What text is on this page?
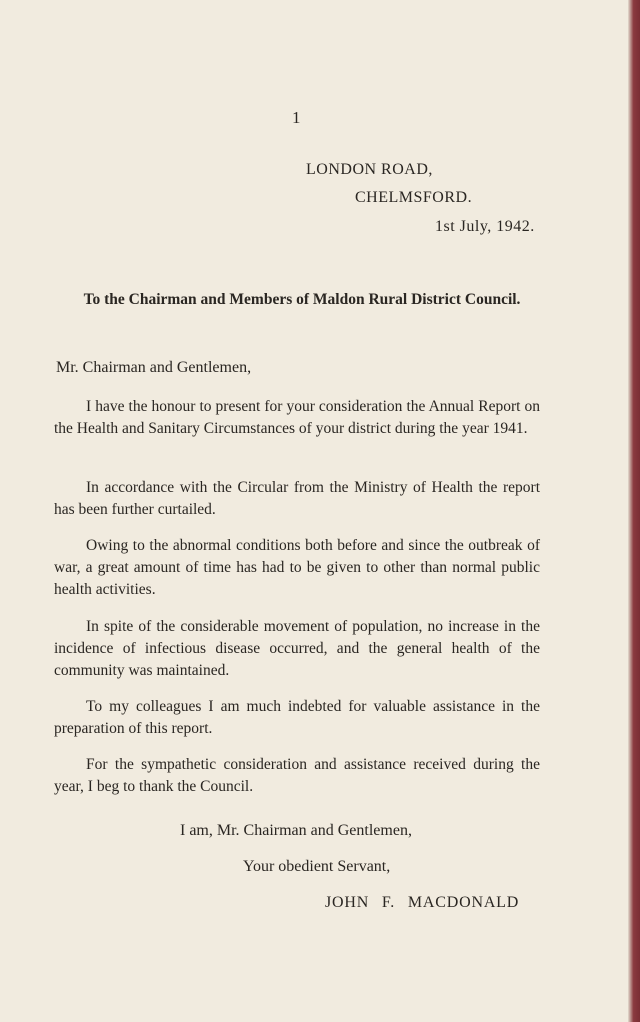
1
LONDON ROAD,
CHELMSFORD.
1st July, 1942.
To the Chairman and Members of Maldon Rural District Council.
Mr. Chairman and Gentlemen,
I have the honour to present for your consideration the Annual Report on the Health and Sanitary Circumstances of your district during the year 1941.
In accordance with the Circular from the Ministry of Health the report has been further curtailed.
Owing to the abnormal conditions both before and since the outbreak of war, a great amount of time has had to be given to other than normal public health activities.
In spite of the considerable movement of population, no increase in the incidence of infectious disease occurred, and the general health of the community was maintained.
To my colleagues I am much indebted for valuable assistance in the preparation of this report.
For the sympathetic consideration and assistance received during the year, I beg to thank the Council.
I am, Mr. Chairman and Gentlemen,
Your obedient Servant,
JOHN F. MACDONALD
